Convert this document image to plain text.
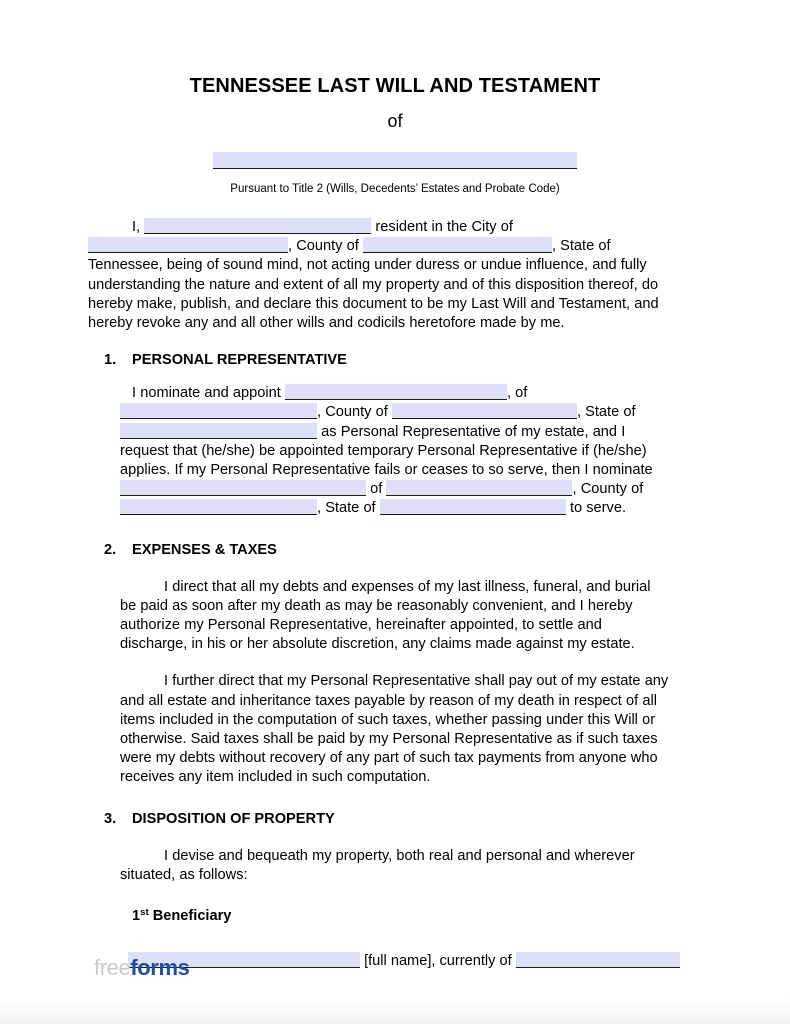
TENNESSEE LAST WILL AND TESTAMENT
of
Pursuant to Title 2 (Wills, Decedents’ Estates and Probate Code)
I,	resident in the City of
, County of	, State of
Tennessee, being of sound mind, not acting under duress or undue influence, and fully understanding the nature and extent of all my property and of this disposition thereof, do hereby make, publish, and declare this document to be my Last Will and Testament, and hereby revoke any and all other wills and codicils heretofore made by me.
1.	PERSONAL REPRESENTATIVE
I nominate and appoint	, of
, County of	, State of
as Personal Representative of my estate, and I
request that (he/she) be appointed temporary Personal Representative if (he/she)
applies. If my Personal Representative fails or ceases to so serve, then I nominate
of	, County of
, State of	to serve.
2.	EXPENSES & TAXES

I direct that all my debts and expenses of my last illness, funeral, and burial be paid as soon after my death as may be reasonably convenient, and I hereby authorize my Personal Representative, hereinafter appointed, to settle and discharge, in his or her absolute discretion, any claims made against my estate.

I further direct that my Personal Representative shall pay out of my estate any and all estate and inheritance taxes payable by reason of my death in respect of all items included in the computation of such taxes, whether passing under this Will or otherwise. Said taxes shall be paid by my Personal Representative as if such taxes were my debts without recovery of any part of such tax payments from anyone who receives any item included in such computation.

3.	DISPOSITION OF PROPERTY

I devise and bequeath my property, both real and personal and wherever situated, as follows:

1st Beneficiary
[full name], currently of
freeforms
